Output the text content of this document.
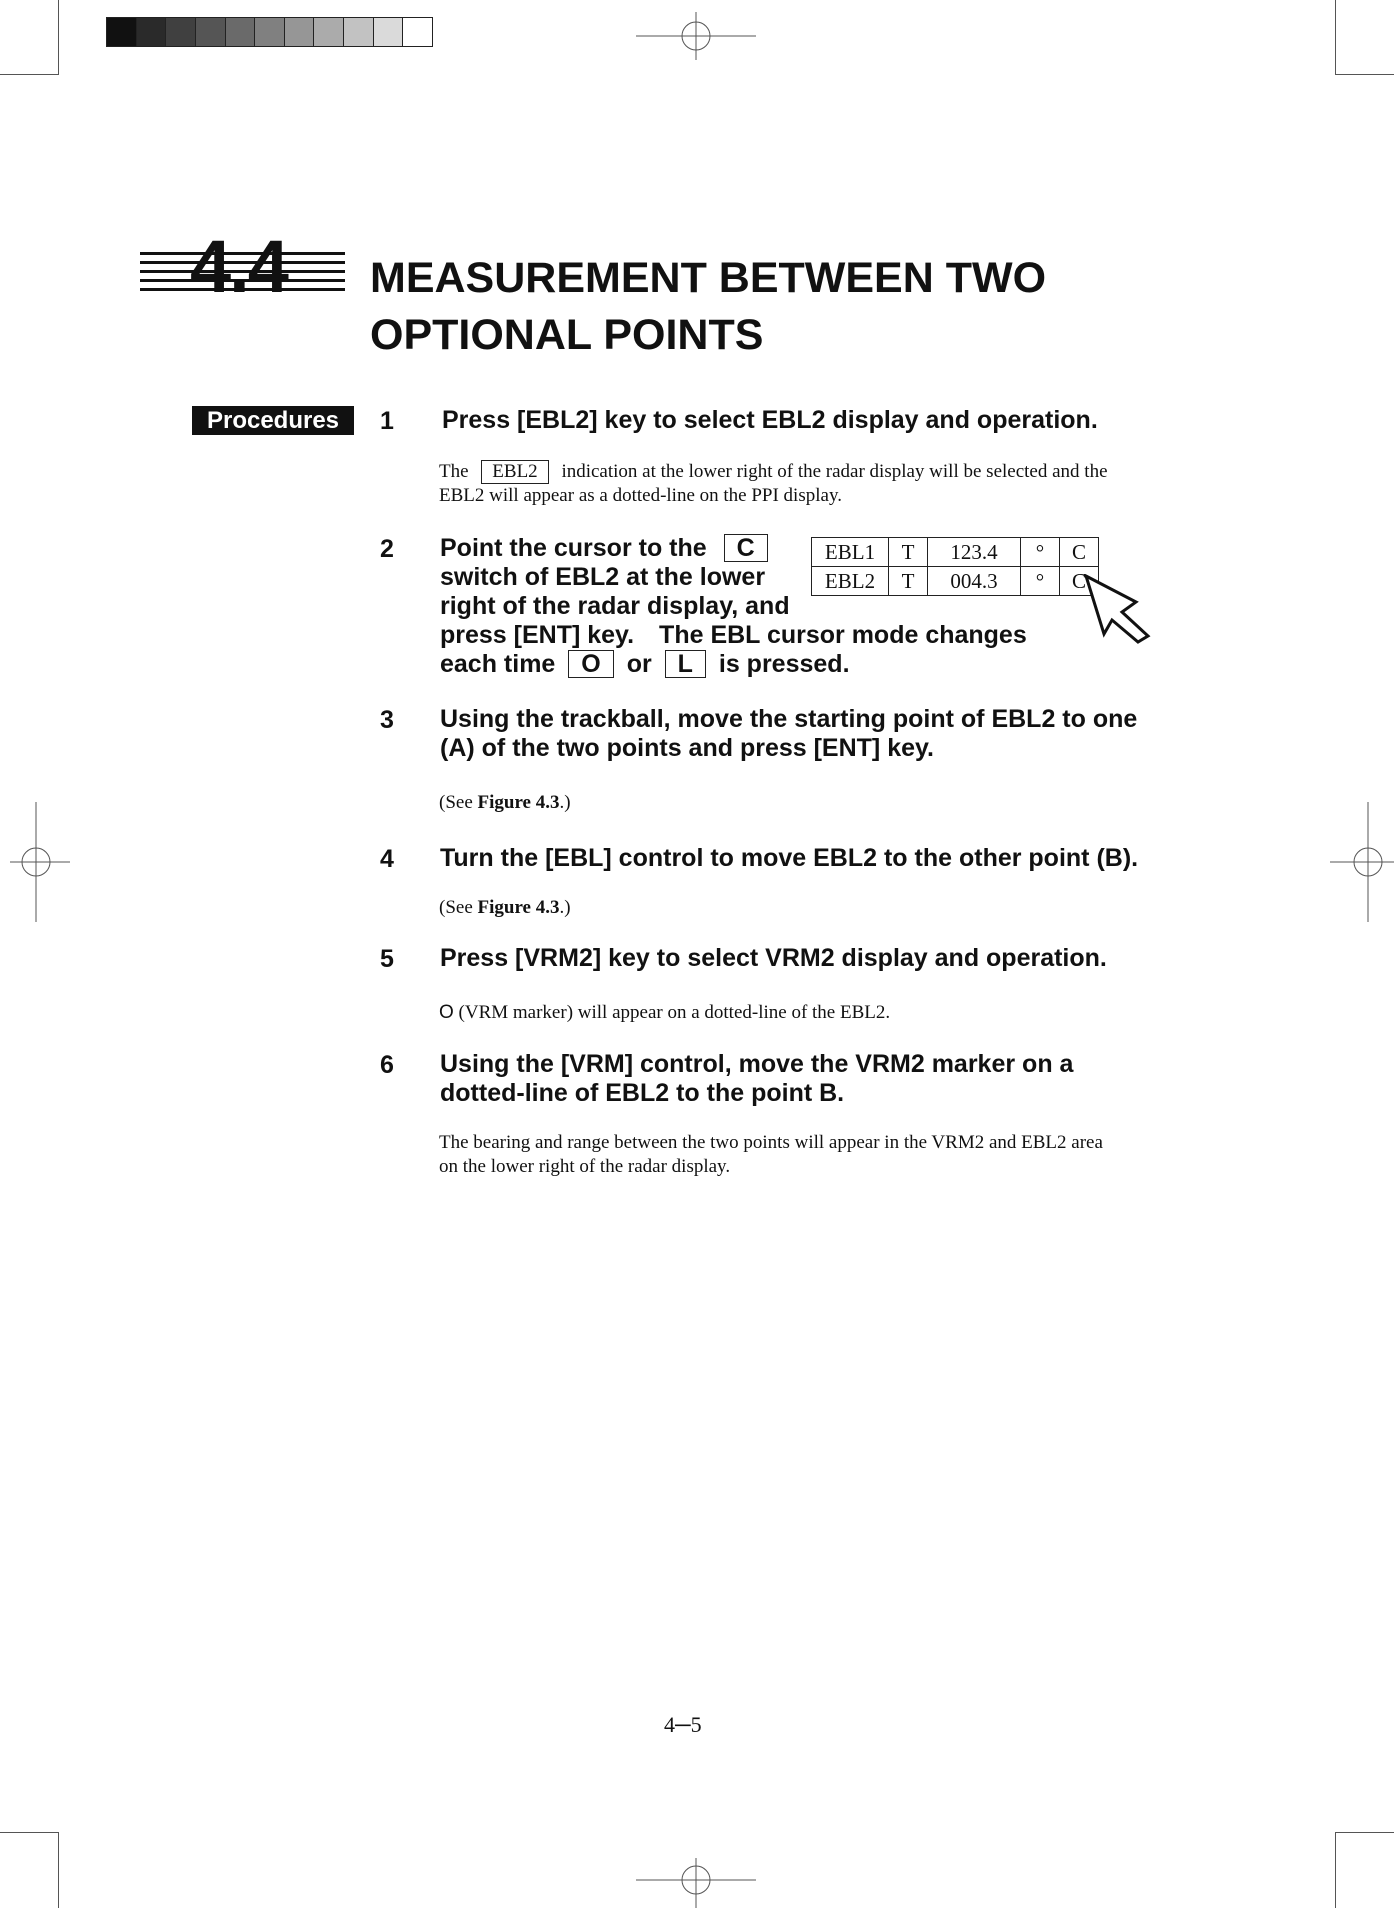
4.4 MEASUREMENT BETWEEN TWO
OPTIONAL POINTS
Procedures	1 Press [EBL2] key to select EBL2 display and operation.
The EBL2 indication at the lower right of the radar display will be selected and the
EBL2 will appear as a dotted-line on the PPI display.
2 Point the cursor to the C
switch of EBL2 at the lower
right of the radar display, and
press [ENT] key.　The EBL cursor mode changes
each time O or L is pressed.
EBL1	T	123.4	°	C
EBL2	T	004.3	°	C
3 Using the trackball, move the starting point of EBL2 to one
(A) of the two points and press [ENT] key.
(See Figure 4.3.)
4 Turn the [EBL] control to move EBL2 to the other point (B).
(See Figure 4.3.)
5 Press [VRM2] key to select VRM2 display and operation.
O (VRM marker) will appear on a dotted-line of the EBL2.
6 Using the [VRM] control, move the VRM2 marker on a
dotted-line of EBL2 to the point B.
The bearing and range between the two points will appear in the VRM2 and EBL2 area
on the lower right of the radar display.
4─5
